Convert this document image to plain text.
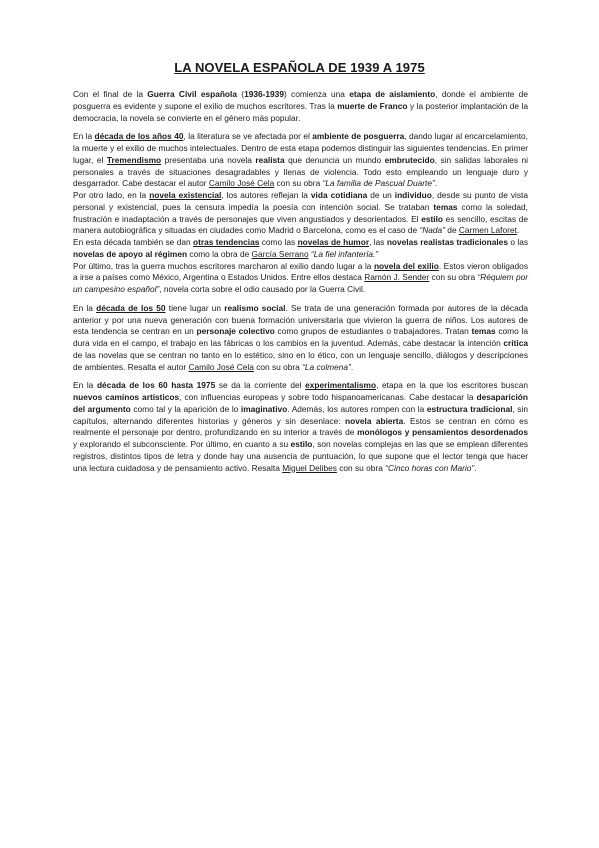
LA NOVELA ESPAÑOLA DE 1939 A 1975

Con el final de la Guerra Civil española (1936-1939) comienza una etapa de aislamiento, donde el ambiente de posguerra es evidente y supone el exilio de muchos escritores. Tras la muerte de Franco y la posterior implantación de la democracia, la novela se convierte en el género más popular.

En la década de los años 40, la literatura se ve afectada por el ambiente de posguerra, dando lugar al encarcelamiento, la muerte y el exilio de muchos intelectuales. Dentro de esta etapa podemos distinguir las siguientes tendencias. En primer lugar, el Tremendismo presentaba una novela realista que denuncia un mundo embrutecido, sin salidas laborales ni personales a través de situaciones desagradables y llenas de violencia. Todo esto empleando un lenguaje duro y desgarrador. Cabe destacar el autor Camilo José Cela con su obra “La familia de Pascual Duarte”.

Por otro lado, en la novela existencial, los autores reflejan la vida cotidiana de un individuo, desde su punto de vista personal y existencial, pues la censura impedía la poesía con intención social. Se trataban temas como la soledad, frustración e inadaptación a través de personajes que viven angustiados y desorientados. El estilo es sencillo, escitas de manera autobiográfica y situadas en ciudades como Madrid o Barcelona, como es el caso de “Nada” de Carmen Laforet.

En esta década también se dan otras tendencias como las novelas de humor, las novelas realistas tradicionales o las novelas de apoyo al régimen como la obra de García Serrano “La fiel infantería.”

Por último, tras la guerra muchos escritores marcharon al exilio dando lugar a la novela del exilio. Estos vieron obligados a irse a países como México, Argentina o Estados Unidos. Entre ellos destaca Ramón J. Sender con su obra “Réquiem por un campesino español”, novela corta sobre el odio causado por la Guerra Civil.

En la década de los 50 tiene lugar un realismo social. Se trata de una generación formada por autores de la década anterior y por una nueva generación con buena formación universitaria que vivieron la guerra de niños. Los autores de esta tendencia se centran en un personaje colectivo como grupos de estudiantes o trabajadores. Tratan temas como la dura vida en el campo, el trabajo en las fábricas o los cambios en la juventud. Además, cabe destacar la intención crítica de las novelas que se centran no tanto en lo estético, sino en lo ético, con un lenguaje sencillo, diálogos y descripciones de ambientes. Resalta el autor Camilo José Cela con su obra “La colmena”.

En la década de los 60 hasta 1975 se da la corriente del experimentalismo, etapa en la que los escritores buscan nuevos caminos artísticos, con influencias europeas y sobre todo hispanoamericanas. Cabe destacar la desaparición del argumento como tal y la aparición de lo imaginativo. Además, los autores rompen con la estructura tradicional, sin capítulos, alternando diferentes historias y géneros y sin desenlace: novela abierta. Estos se centran en cómo es realmente el personaje por dentro, profundizando en su interior a través de monólogos y pensamientos desordenados y explorando el subconsciente. Por último, en cuanto a su estilo, son novelas complejas en las que se emplean diferentes registros, distintos tipos de letra y donde hay una ausencia de puntuación, lo que supone que el lector tenga que hacer una lectura cuidadosa y de pensamiento activo. Resalta Miguel Delibes con su obra “Cinco horas con Mario”.
